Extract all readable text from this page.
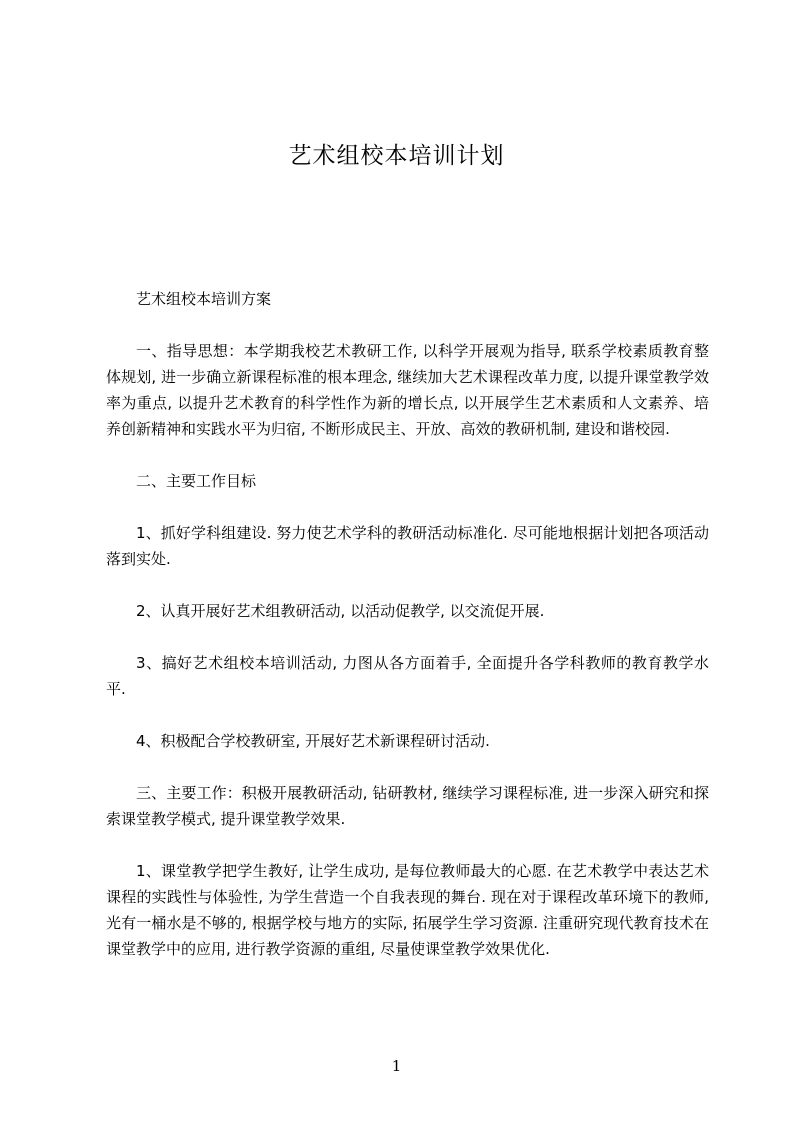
艺术组校本培训计划

艺术组校本培训方案

一、指导思想：本学期我校艺术教研工作, 以科学开展观为指导, 联系学校素质教育整体规划, 进一步确立新课程标准的根本理念, 继续加大艺术课程改革力度, 以提升课堂教学效率为重点, 以提升艺术教育的科学性作为新的增长点, 以开展学生艺术素质和人文素养、培养创新精神和实践水平为归宿, 不断形成民主、开放、高效的教研机制, 建设和谐校园.

二、主要工作目标

1、抓好学科组建设. 努力使艺术学科的教研活动标准化. 尽可能地根据计划把各项活动落到实处.

2、认真开展好艺术组教研活动, 以活动促教学, 以交流促开展.

3、搞好艺术组校本培训活动, 力图从各方面着手, 全面提升各学科教师的教育教学水平.

4、积极配合学校教研室, 开展好艺术新课程研讨活动.

三、主要工作：积极开展教研活动, 钻研教材, 继续学习课程标准, 进一步深入研究和探索课堂教学模式, 提升课堂教学效果.

1、课堂教学把学生教好, 让学生成功, 是每位教师最大的心愿. 在艺术教学中表达艺术课程的实践性与体验性, 为学生营造一个自我表现的舞台. 现在对于课程改革环境下的教师, 光有一桶水是不够的, 根据学校与地方的实际, 拓展学生学习资源. 注重研究现代教育技术在课堂教学中的应用, 进行教学资源的重组, 尽量使课堂教学效果优化.

1
